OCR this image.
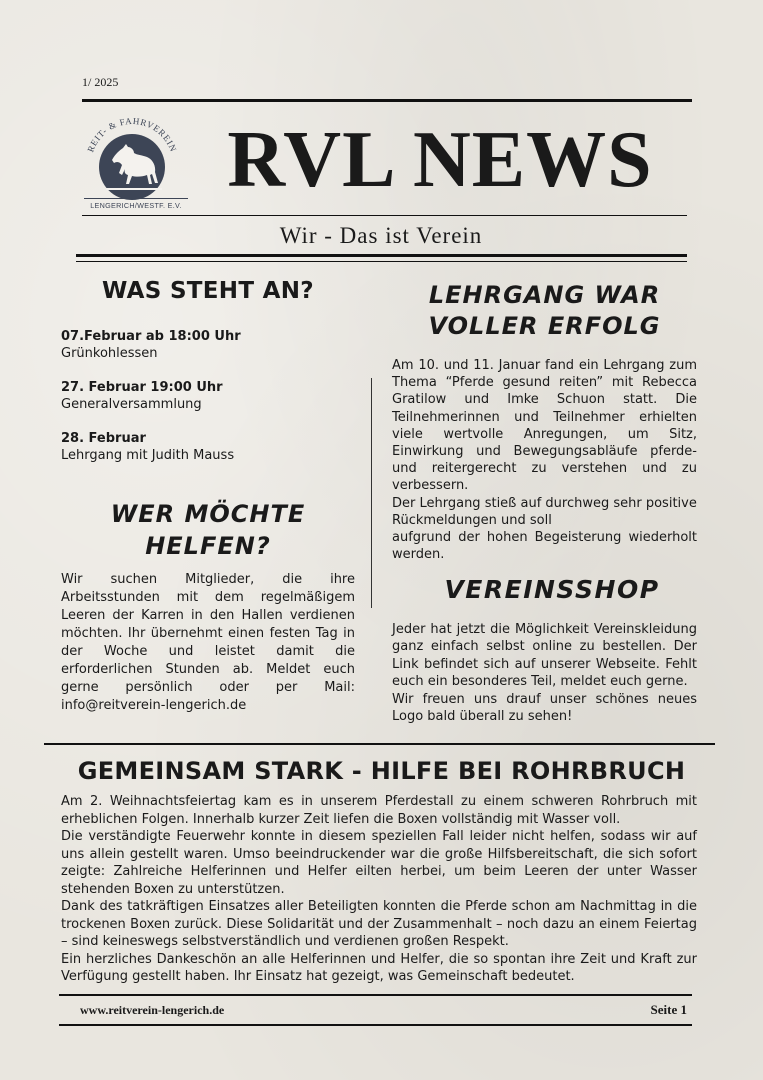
1/ 2025
REIT- & FAHRVEREIN
LENGERICH/WESTF. E.V.
RVL NEWS
Wir - Das ist Verein
WAS STEHT AN?
07.Februar ab 18:00 Uhr
Grünkohlessen
27. Februar 19:00 Uhr
Generalversammlung
28. Februar
Lehrgang mit Judith Mauss
WER MÖCHTE
HELFEN?
Wir suchen Mitglieder, die ihre Arbeitsstunden mit dem regelmäßigem Leeren der Karren in den Hallen verdienen möchten. Ihr übernehmt einen festen Tag in der Woche und leistet damit die erforderlichen Stunden ab. Meldet euch gerne persönlich oder per Mail: info@reitverein-lengerich.de
LEHRGANG WAR
VOLLER ERFOLG
Am 10. und 11. Januar fand ein Lehrgang zum Thema “Pferde gesund reiten” mit Rebecca Gratilow und Imke Schuon statt. Die Teilnehmerinnen und Teilnehmer erhielten viele wertvolle Anregungen, um Sitz, Einwirkung und Bewegungsabläufe pferde- und reitergerecht zu verstehen und zu verbessern.
Der Lehrgang stieß auf durchweg sehr positive Rückmeldungen und soll
aufgrund der hohen Begeisterung wiederholt werden.
VEREINSSHOP
Jeder hat jetzt die Möglichkeit Vereinskleidung ganz einfach selbst online zu bestellen. Der Link befindet sich auf unserer Webseite. Fehlt euch ein besonderes Teil, meldet euch gerne.
Wir freuen uns drauf unser schönes neues Logo bald überall zu sehen!
GEMEINSAM STARK - HILFE BEI ROHRBRUCH
Am 2. Weihnachtsfeiertag kam es in unserem Pferdestall zu einem schweren Rohrbruch mit erheblichen Folgen. Innerhalb kurzer Zeit liefen die Boxen vollständig mit Wasser voll.
Die verständigte Feuerwehr konnte in diesem speziellen Fall leider nicht helfen, sodass wir auf uns allein gestellt waren. Umso beeindruckender war die große Hilfsbereitschaft, die sich sofort zeigte: Zahlreiche Helferinnen und Helfer eilten herbei, um beim Leeren der unter Wasser stehenden Boxen zu unterstützen.
Dank des tatkräftigen Einsatzes aller Beteiligten konnten die Pferde schon am Nachmittag in die trockenen Boxen zurück. Diese Solidarität und der Zusammenhalt – noch dazu an einem Feiertag – sind keineswegs selbstverständlich und verdienen großen Respekt.
Ein herzliches Dankeschön an alle Helferinnen und Helfer, die so spontan ihre Zeit und Kraft zur Verfügung gestellt haben. Ihr Einsatz hat gezeigt, was Gemeinschaft bedeutet.
www.reitverein-lengerich.de	Seite 1
